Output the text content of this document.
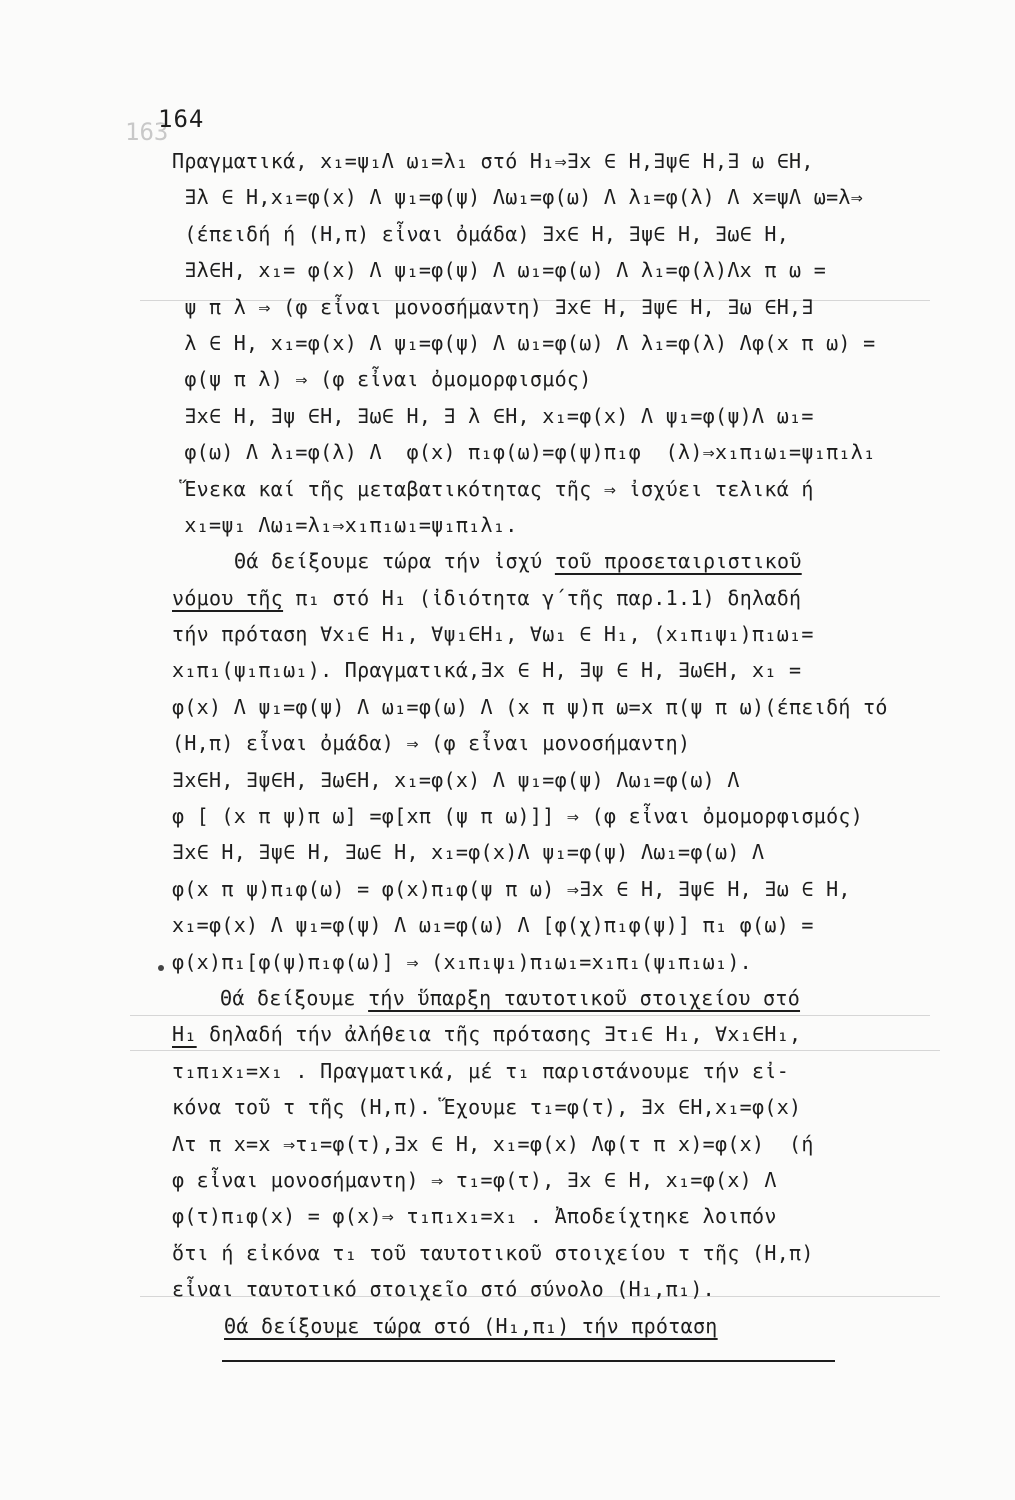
163
164
Πραγματικά, x₁=ψ₁Λ ω₁=λ₁ στό H₁⇒∃x ∈ H,∃ψ∈ H,∃ ω ∈H,
∃λ ∈ H,x₁=φ(x) Λ ψ₁=φ(ψ) Λω₁=φ(ω) Λ λ₁=φ(λ) Λ x=ψΛ ω=λ⇒
(έπειδή ή (H,π) εἶναι ὀμάδα) ∃x∈ H, ∃ψ∈ H, ∃ω∈ H,
∃λ∈H, x₁= φ(x) Λ ψ₁=φ(ψ) Λ ω₁=φ(ω) Λ λ₁=φ(λ)Λx π ω =
ψ π λ ⇒ (φ εἶναι μονοσήμαντη) ∃x∈ H, ∃ψ∈ H, ∃ω ∈H,∃
λ ∈ H, x₁=φ(x) Λ ψ₁=φ(ψ) Λ ω₁=φ(ω) Λ λ₁=φ(λ) Λφ(x π ω) =
φ(ψ π λ) ⇒ (φ εἶναι ὀμομορφισμός)
∃x∈ H, ∃ψ ∈H, ∃ω∈ H, ∃ λ ∈H, x₁=φ(x) Λ ψ₁=φ(ψ)Λ ω₁=
φ(ω) Λ λ₁=φ(λ) Λ  φ(x) π₁φ(ω)=φ(ψ)π₁φ  (λ)⇒x₁π₁ω₁=ψ₁π₁λ₁
Ἕνεκα καί τῆς μεταβατικότητας τῆς ⇒ ἰσχύει τελικά ή
x₁=ψ₁ Λω₁=λ₁⇒x₁π₁ω₁=ψ₁π₁λ₁.
Θά δείξουμε τώρα τήν ἰσχύ τοῦ προσεταιριστικοῦ
νόμου τῆς π₁ στό H₁ (ἰδιότητα γ΄τῆς παρ.1.1) δηλαδή
τήν πρόταση ∀x₁∈ H₁, ∀ψ₁∈H₁, ∀ω₁ ∈ H₁, (x₁π₁ψ₁)π₁ω₁=
x₁π₁(ψ₁π₁ω₁). Πραγματικά,∃x ∈ H, ∃ψ ∈ H, ∃ω∈H, x₁ =
φ(x) Λ ψ₁=φ(ψ) Λ ω₁=φ(ω) Λ (x π ψ)π ω=x π(ψ π ω)(έπειδή τό
(H,π) εἶναι ὀμάδα) ⇒ (φ εἶναι μονοσήμαντη)
∃x∈H, ∃ψ∈H, ∃ω∈H, x₁=φ(x) Λ ψ₁=φ(ψ) Λω₁=φ(ω) Λ
φ [ (x π ψ)π ω] =φ[xπ (ψ π ω)]] ⇒ (φ εἶναι ὀμομορφισμός)
∃x∈ H, ∃ψ∈ H, ∃ω∈ H, x₁=φ(x)Λ ψ₁=φ(ψ) Λω₁=φ(ω) Λ
φ(x π ψ)π₁φ(ω) = φ(x)π₁φ(ψ π ω) ⇒∃x ∈ H, ∃ψ∈ H, ∃ω ∈ H,
x₁=φ(x) Λ ψ₁=φ(ψ) Λ ω₁=φ(ω) Λ [φ(χ)π₁φ(ψ)] π₁ φ(ω) =
φ(x)π₁[φ(ψ)π₁φ(ω)] ⇒ (x₁π₁ψ₁)π₁ω₁=x₁π₁(ψ₁π₁ω₁).
Θά δείξουμε τήν ὕπαρξη ταυτοτικοῦ στοιχείου στό
H₁ δηλαδή τήν ἀλήθεια τῆς πρότασης ∃τ₁∈ H₁, ∀x₁∈H₁,
τ₁π₁x₁=x₁ . Πραγματικά, μέ τ₁ παριστάνουμε τήν εἰ-
κόνα τοῦ τ τῆς (H,π). Ἕχουμε τ₁=φ(τ), ∃x ∈H,x₁=φ(x)
Λτ π x=x ⇒τ₁=φ(τ),∃x ∈ H, x₁=φ(x) Λφ(τ π x)=φ(x)  (ή
φ εἶναι μονοσήμαντη) ⇒ τ₁=φ(τ), ∃x ∈ H, x₁=φ(x) Λ
φ(τ)π₁φ(x) = φ(x)⇒ τ₁π₁x₁=x₁ . Ἀποδείχτηκε λοιπόν
ὅτι ή εἰκόνα τ₁ τοῦ ταυτοτικοῦ στοιχείου τ τῆς (H,π)
εἶναι ταυτοτικό στοιχεῖο στό σύνολο (H₁,π₁).
Θά δείξουμε τώρα στό (H₁,π₁) τήν πρόταση
